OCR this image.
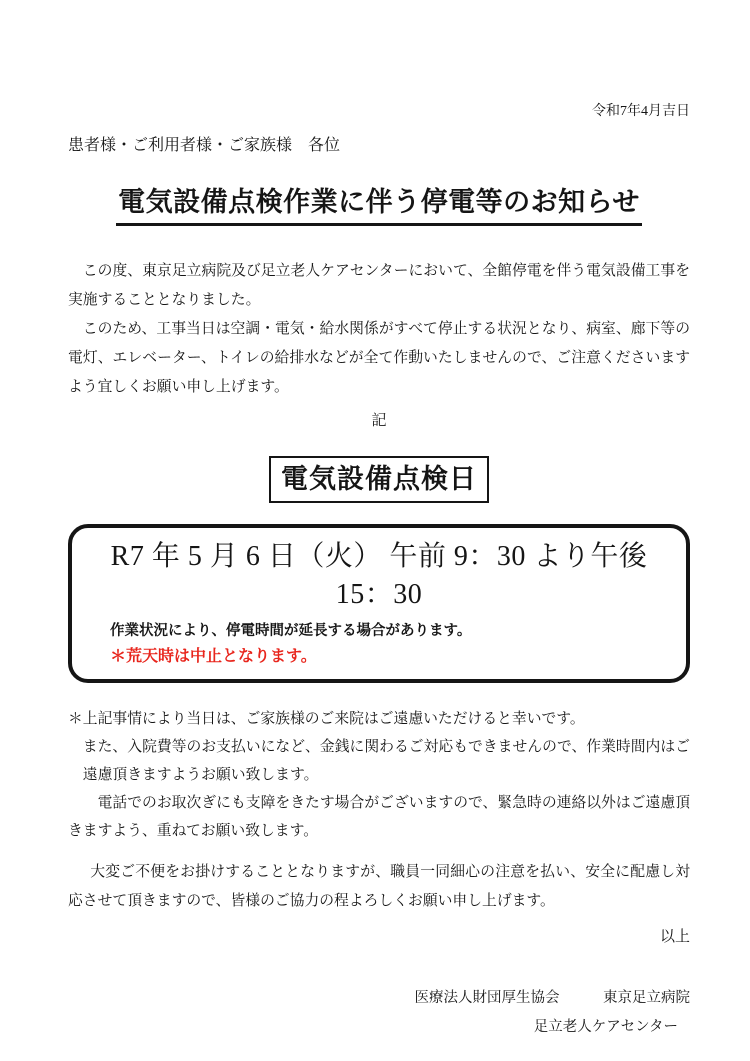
令和7年4月吉日
患者様・ご利用者様・ご家族様　各位
電気設備点検作業に伴う停電等のお知らせ

この度、東京足立病院及び足立老人ケアセンターにおいて、全館停電を伴う電気設備工事を実施することとなりました。

このため、工事当日は空調・電気・給水関係がすべて停止する状況となり、病室、廊下等の電灯、エレベーター、トイレの給排水などが全て作動いたしませんので、ご注意くださいますよう宜しくお願い申し上げます。

記
電気設備点検日
R7 年 5 月 6 日（火） 午前 9：30 より午後 15：30
作業状況により、停電時間が延長する場合があります。
＊荒天時は中止となります。

＊上記事情により当日は、ご家族様のご来院はご遠慮いただけると幸いです。

また、入院費等のお支払いになど、金銭に関わるご対応もできませんので、作業時間内はご遠慮頂きますようお願い致します。

電話でのお取次ぎにも支障をきたす場合がございますので、緊急時の連絡以外はご遠慮頂きますよう、重ねてお願い致します。

大変ご不便をお掛けすることとなりますが、職員一同細心の注意を払い、安全に配慮し対応させて頂きますので、皆様のご協力の程よろしくお願い申し上げます。

以上
医療法人財団厚生協会　　　東京足立病院
足立老人ケアセンター
